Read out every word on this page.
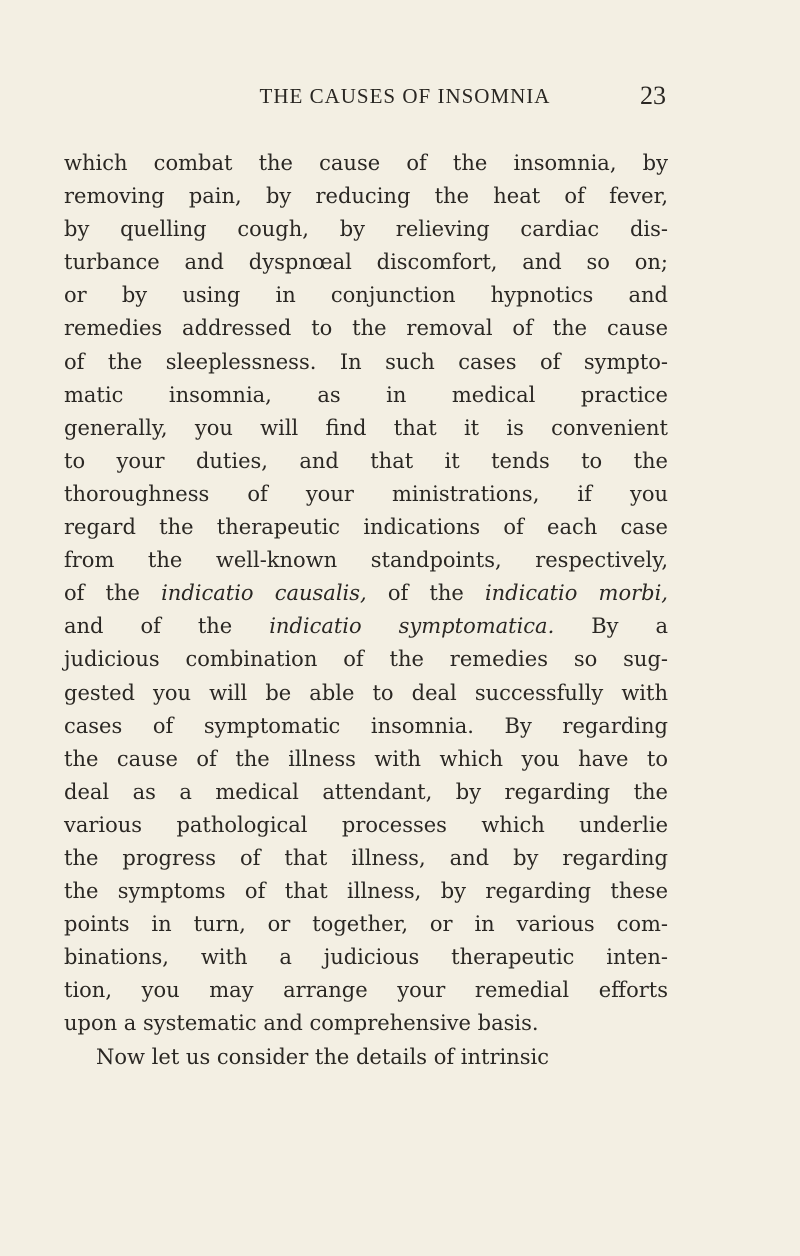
THE CAUSES OF INSOMNIA	23
which combat the cause of the insomnia, by
removing pain, by reducing the heat of fever,
by quelling cough, by relieving cardiac dis-
turbance and dyspnœal discomfort, and so on;
or by using in conjunction hypnotics and
remedies addressed to the removal of the cause
of the sleeplessness. In such cases of sympto-
matic insomnia, as in medical practice
generally, you will find that it is convenient
to your duties, and that it tends to the
thoroughness of your ministrations, if you
regard the therapeutic indications of each case
from the well-known standpoints, respectively,
of the indicatio causalis, of the indicatio morbi,
and of the indicatio symptomatica. By a
judicious combination of the remedies so sug-
gested you will be able to deal successfully with
cases of symptomatic insomnia. By regarding
the cause of the illness with which you have to
deal as a medical attendant, by regarding the
various pathological processes which underlie
the progress of that illness, and by regarding
the symptoms of that illness, by regarding these
points in turn, or together, or in various com-
binations, with a judicious therapeutic inten-
tion, you may arrange your remedial efforts
upon a systematic and comprehensive basis.
Now let us consider the details of intrinsic
